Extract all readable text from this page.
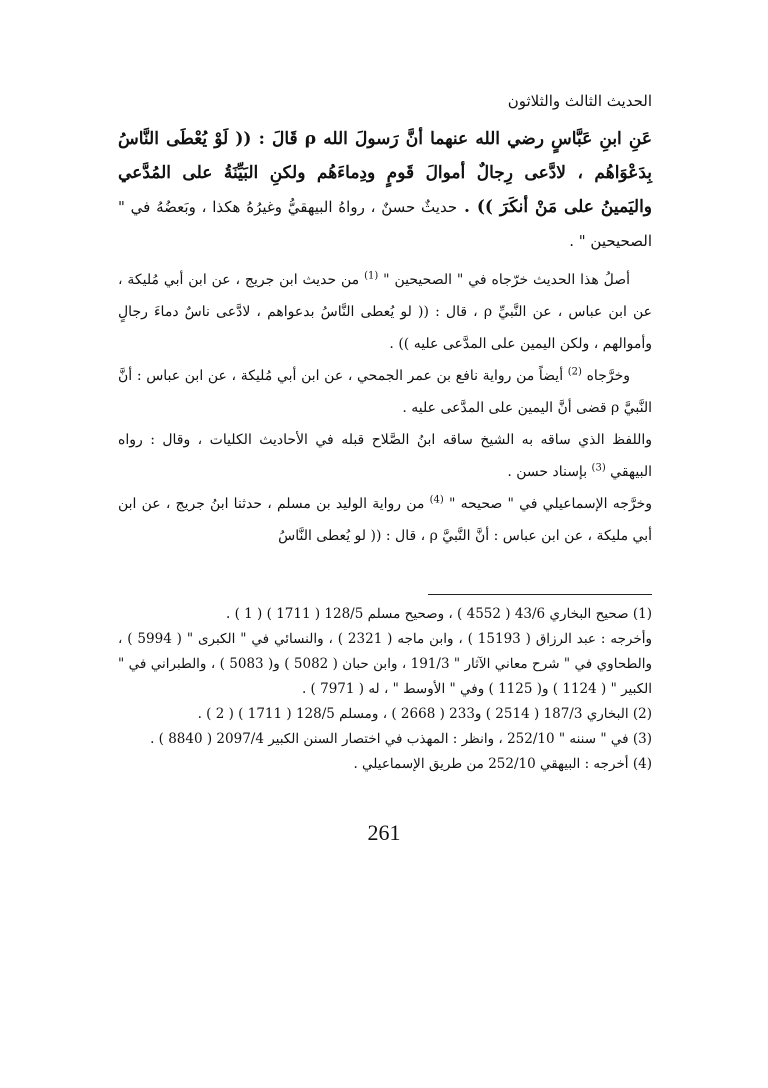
الحديث الثالث والثلاثون
عَنِ ابنِ عَبَّاسٍ رضي الله عنهما أنَّ رَسولَ الله ρ قَالَ : (( لَوْ يُعْطَى النَّاسُ بِدَعْوَاهُم ، لادَّعى رِجالٌ أموالَ قَومٍ ودِماءَهُم ولكنِ البَيِّنَةُ على المُدَّعي واليَمينُ على مَنْ أنكَرَ )) . حديثٌ حسنٌ ، رواهُ البيهقيُّ وغيرُهُ هكذا ، وبَعضُهُ في " الصحيحين " .

أصلُ هذا الحديث خرّجاه في " الصحيحين " $^{(1)}$ من حديث ابن جريج ، عن ابن أبي مُليكة ، عن ابن عباس ، عن النَّبيِّ ρ ، قال : (( لو يُعطى النَّاسُ بدعواهم ، لادَّعى ناسٌ دماءَ رجالٍ وأموالهم ، ولكن اليمين على المدَّعى عليه )) .

وخرَّجاه $^{(2)}$ أيضاً من رواية نافع بن عمر الجمحي ، عن ابن أبي مُليكة ، عن ابن عباس : أنَّ النَّبيَّ ρ قضى أنَّ اليمين على المدَّعى عليه .

واللفظ الذي ساقه به الشيخ ساقه ابنُ الصَّلاح قبله في الأحاديث الكليات ، وقال : رواه البيهقي $^{(3)}$ بإسناد حسن .

وخرَّجه الإسماعيلي في " صحيحه " $^{(4)}$ من رواية الوليد بن مسلم ، حدثنا ابنُ جريج ، عن ابن أبي مليكة ، عن ابن عباس : أنَّ النَّبيَّ ρ ، قال : (( لو يُعطى النَّاسُ

(1) صحيح البخاري 43/6 ( 4552 ) ، وصحيح مسلم 128/5 ( 1711 ) ( 1 ) .

وأخرجه : عبد الرزاق ( 15193 ) ، وابن ماجه ( 2321 ) ، والنسائي في " الكبرى " ( 5994 ) ، والطحاوي في " شرح معاني الآثار " 191/3 ، وابن حبان ( 5082 ) و( 5083 ) ، والطبراني في " الكبير " ( 1124 ) و( 1125 ) وفي " الأوسط " ، له ( 7971 ) .

(2) البخاري 187/3 ( 2514 ) و233 ( 2668 ) ، ومسلم 128/5 ( 1711 ) ( 2 ) .

(3) في " سننه " 252/10 ، وانظر : المهذب في اختصار السنن الكبير 2097/4 ( 8840 ) .

(4) أخرجه : البيهقي 252/10 من طريق الإسماعيلي .

261
